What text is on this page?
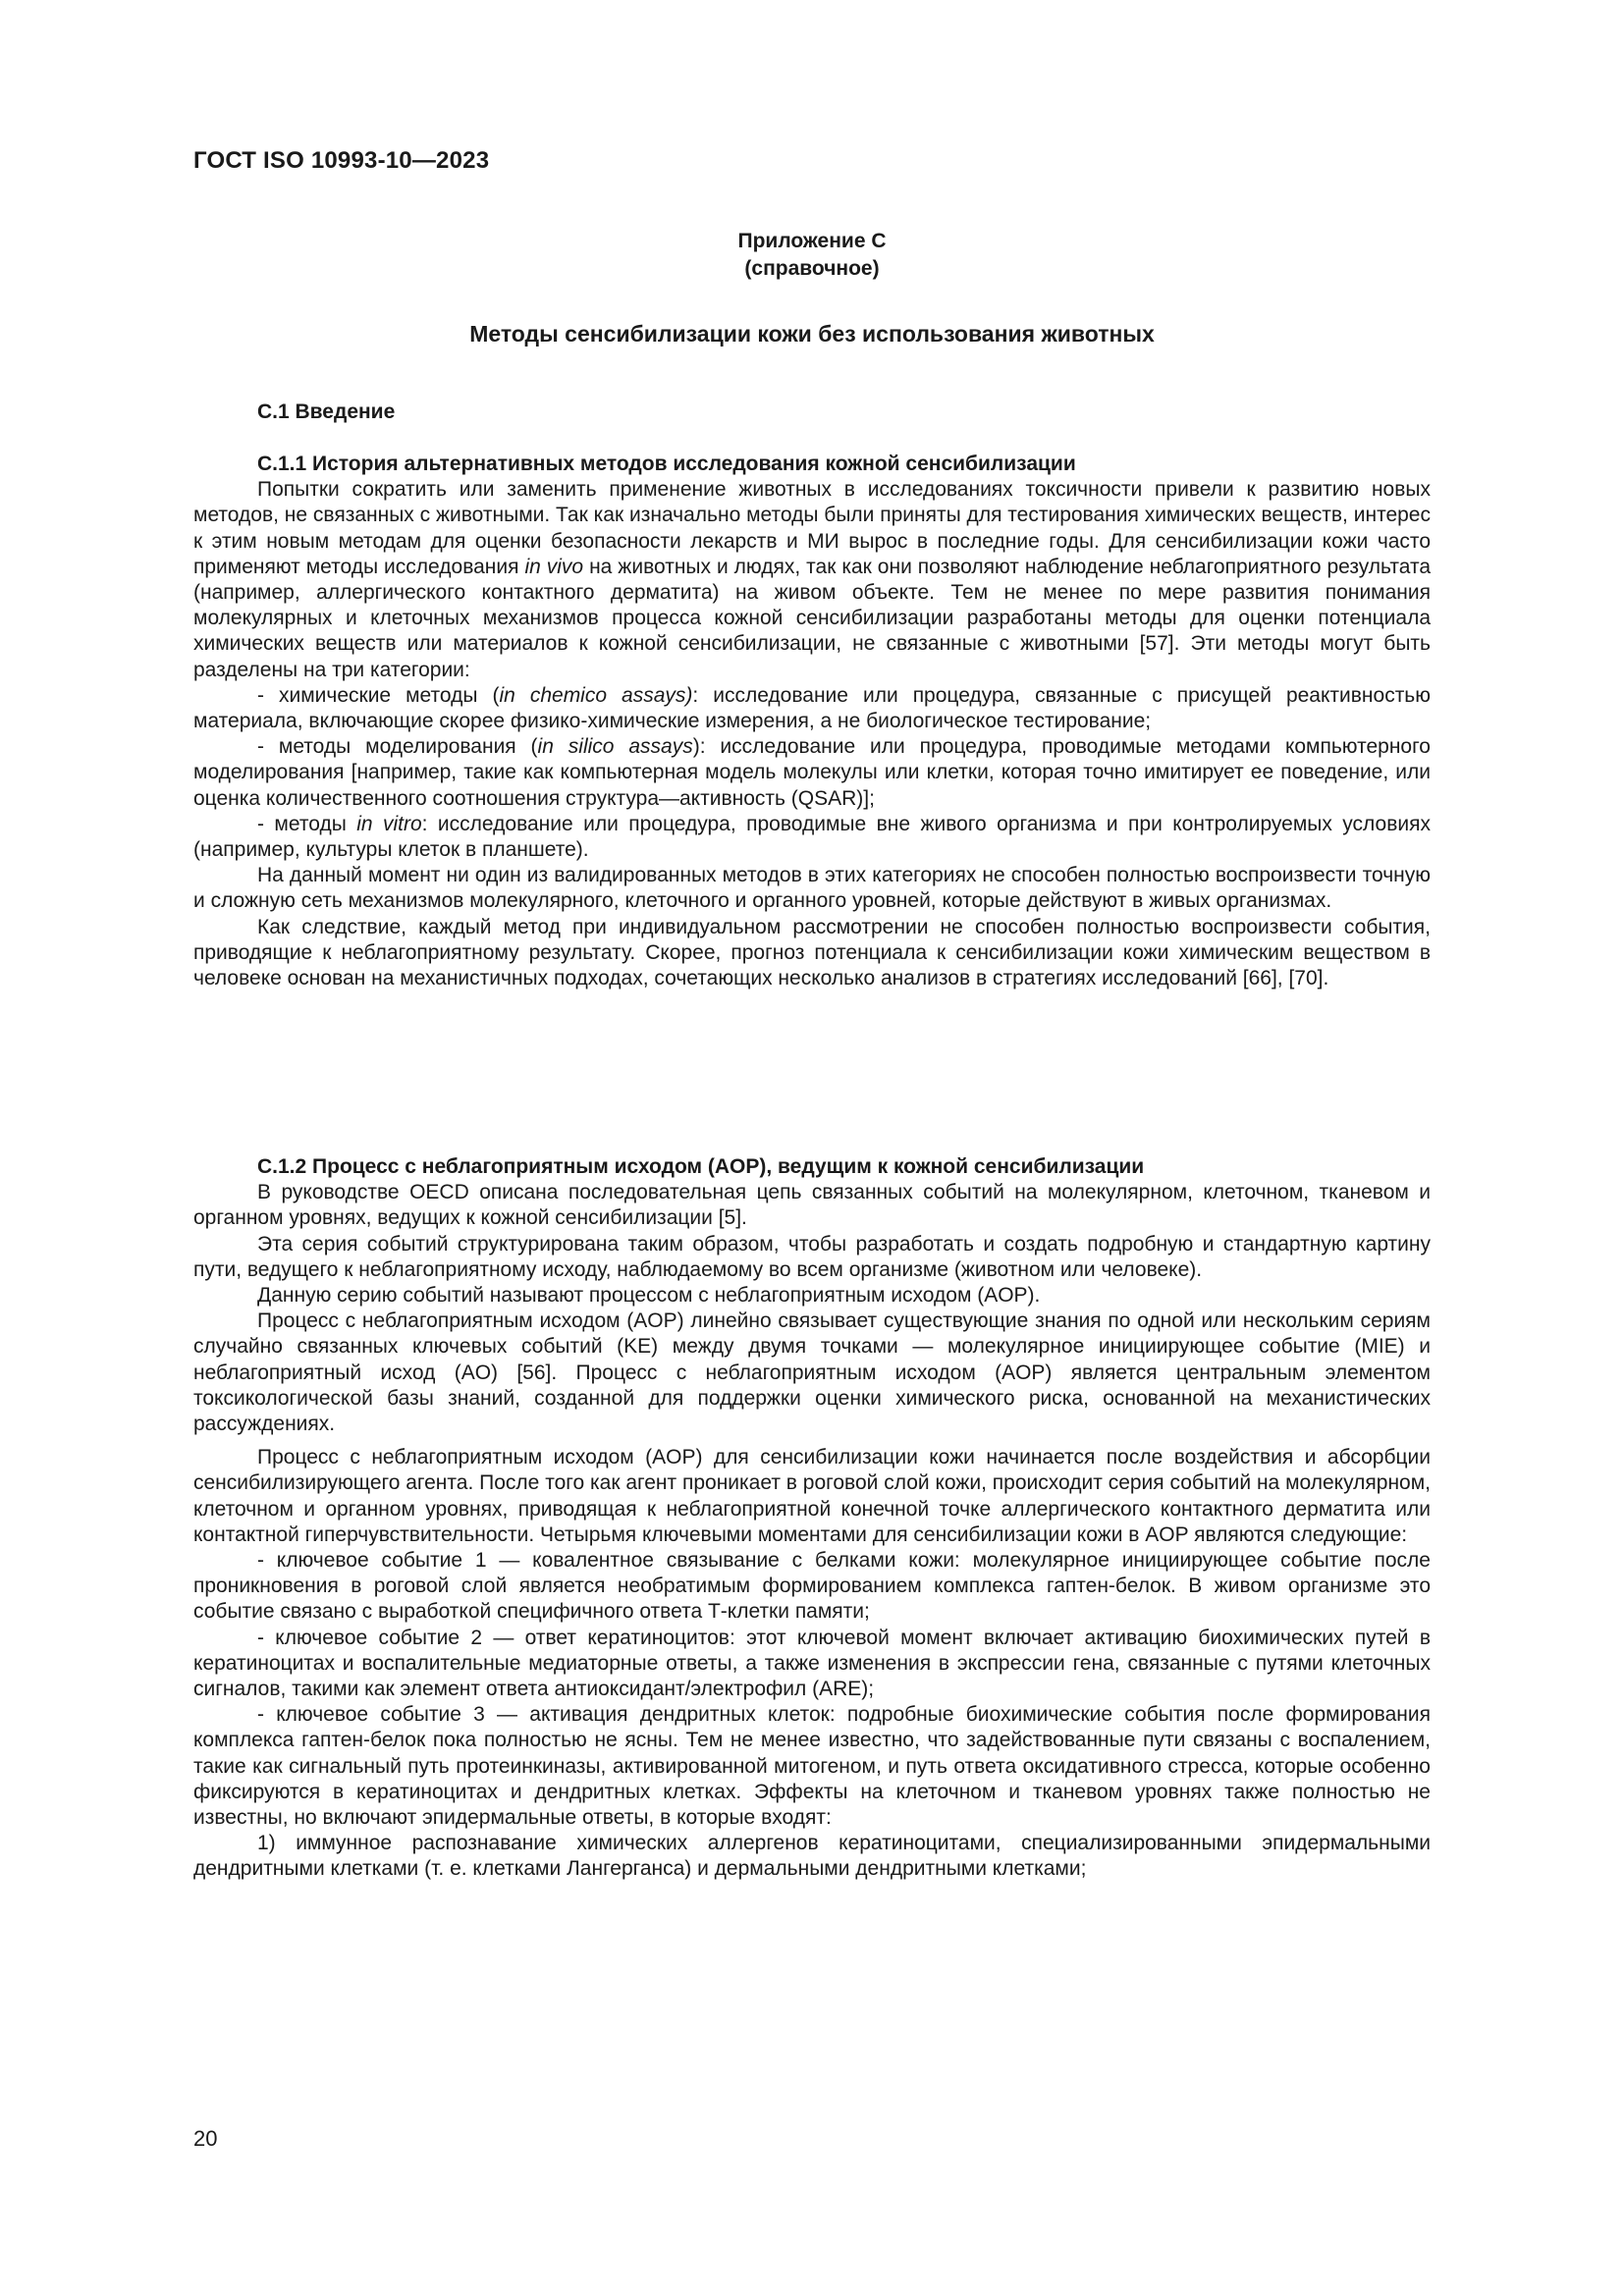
ГОСТ ISO 10993-10—2023
Приложение С
(справочное)
Методы сенсибилизации кожи без использования животных
С.1 Введение

С.1.1 История альтернативных методов исследования кожной сенсибилизации

Попытки сократить или заменить применение животных в исследованиях токсичности привели к развитию новых методов, не связанных с животными. Так как изначально методы были приняты для тестирования химических веществ, интерес к этим новым методам для оценки безопасности лекарств и МИ вырос в последние годы. Для сенсибилизации кожи часто применяют методы исследования in vivo на животных и людях, так как они позволяют наблюдение неблагоприятного результата (например, аллергического контактного дерматита) на живом объекте. Тем не менее по мере развития понимания молекулярных и клеточных механизмов процесса кожной сенсибилизации разработаны методы для оценки потенциала химических веществ или материалов к кожной сенсибилизации, не связанные с животными [57]. Эти методы могут быть разделены на три категории:

- химические методы (in chemico assays): исследование или процедура, связанные с присущей реактивностью материала, включающие скорее физико-химические измерения, а не биологическое тестирование;

- методы моделирования (in silico assays): исследование или процедура, проводимые методами компьютерного моделирования [например, такие как компьютерная модель молекулы или клетки, которая точно имитирует ее поведение, или оценка количественного соотношения структура—активность (QSAR)];

- методы in vitro: исследование или процедура, проводимые вне живого организма и при контролируемых условиях (например, культуры клеток в планшете).

На данный момент ни один из валидированных методов в этих категориях не способен полностью воспроизвести точную и сложную сеть механизмов молекулярного, клеточного и органного уровней, которые действуют в живых организмах.

Как следствие, каждый метод при индивидуальном рассмотрении не способен полностью воспроизвести события, приводящие к неблагоприятному результату. Скорее, прогноз потенциала к сенсибилизации кожи химическим веществом в человеке основан на механистичных подходах, сочетающих несколько анализов в стратегиях исследований [66], [70].

С.1.2 Процесс с неблагоприятным исходом (AOP), ведущим к кожной сенсибилизации

В руководстве OECD описана последовательная цепь связанных событий на молекулярном, клеточном, тканевом и органном уровнях, ведущих к кожной сенсибилизации [5].

Эта серия событий структурирована таким образом, чтобы разработать и создать подробную и стандартную картину пути, ведущего к неблагоприятному исходу, наблюдаемому во всем организме (животном или человеке).

Данную серию событий называют процессом с неблагоприятным исходом (AOP).

Процесс с неблагоприятным исходом (AOP) линейно связывает существующие знания по одной или нескольким сериям случайно связанных ключевых событий (KE) между двумя точками — молекулярное инициирующее событие (MIE) и неблагоприятный исход (AO) [56]. Процесс с неблагоприятным исходом (AOP) является центральным элементом токсикологической базы знаний, созданной для поддержки оценки химического риска, основанной на механистических рассуждениях.

Процесс с неблагоприятным исходом (AOP) для сенсибилизации кожи начинается после воздействия и абсорбции сенсибилизирующего агента. После того как агент проникает в роговой слой кожи, происходит серия событий на молекулярном, клеточном и органном уровнях, приводящая к неблагоприятной конечной точке аллергического контактного дерматита или контактной гиперчувствительности. Четырьмя ключевыми моментами для сенсибилизации кожи в AOP являются следующие:

- ключевое событие 1 — ковалентное связывание с белками кожи: молекулярное инициирующее событие после проникновения в роговой слой является необратимым формированием комплекса гаптен-белок. В живом организме это событие связано с выработкой специфичного ответа Т-клетки памяти;

- ключевое событие 2 — ответ кератиноцитов: этот ключевой момент включает активацию биохимических путей в кератиноцитах и воспалительные медиаторные ответы, а также изменения в экспрессии гена, связанные с путями клеточных сигналов, такими как элемент ответа антиоксидант/электрофил (ARE);

- ключевое событие 3 — активация дендритных клеток: подробные биохимические события после формирования комплекса гаптен-белок пока полностью не ясны. Тем не менее известно, что задействованные пути связаны с воспалением, такие как сигнальный путь протеинкиназы, активированной митогеном, и путь ответа оксидативного стресса, которые особенно фиксируются в кератиноцитах и дендритных клетках. Эффекты на клеточном и тканевом уровнях также полностью не известны, но включают эпидермальные ответы, в которые входят:

1) иммунное распознавание химических аллергенов кератиноцитами, специализированными эпидермальными дендритными клетками (т. е. клетками Лангерганса) и дермальными дендритными клетками;

20
